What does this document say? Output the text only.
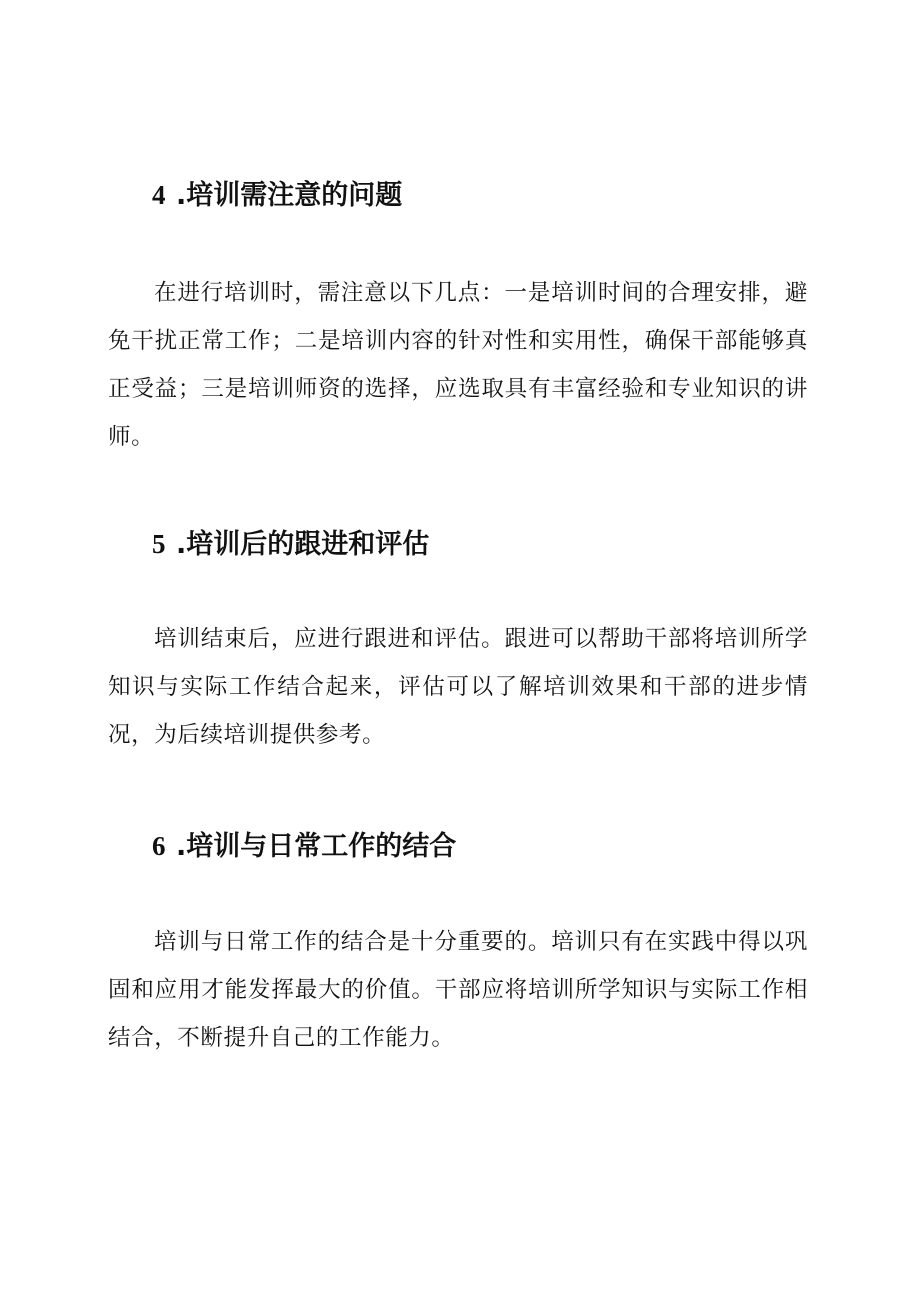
4 .培训需注意的问题

在进行培训时，需注意以下几点：一是培训时间的合理安排，避免干扰正常工作；二是培训内容的针对性和实用性，确保干部能够真正受益；三是培训师资的选择，应选取具有丰富经验和专业知识的讲师。

5 .培训后的跟进和评估

培训结束后，应进行跟进和评估。跟进可以帮助干部将培训所学知识与实际工作结合起来，评估可以了解培训效果和干部的进步情况，为后续培训提供参考。

6 .培训与日常工作的结合

培训与日常工作的结合是十分重要的。培训只有在实践中得以巩固和应用才能发挥最大的价值。干部应将培训所学知识与实际工作相结合，不断提升自己的工作能力。
